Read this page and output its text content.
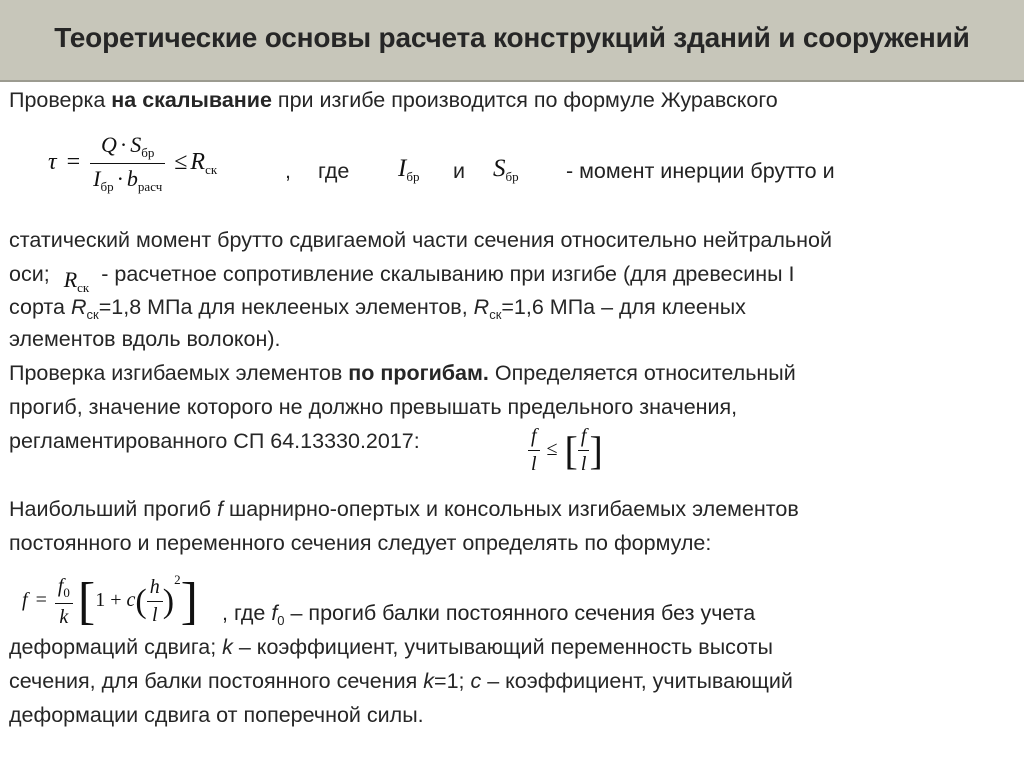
Теоретические основы расчета конструкций зданий и сооружений
Проверка на скалывание при изгибе производится по формуле Журавского
$\tau = \frac{Q \cdot S_{бр}}{I_{бр} \cdot b_{расч}} \le R_{ск}$	, где $I_{бр}$ и $S_{бр}$ - момент инерции брутто и
статический момент брутто сдвигаемой части сечения относительно нейтральной
оси; $R_{ск}-$ расчетное сопротивление скалыванию при изгибе (для древесины I
сорта $R_{ск}=1,8$ МПа для неклееных элементов, $R_{ск}=1,6$ МПа – для клееных
элементов вдоль волокон).
Проверка изгибаемых элементов по прогибам. Определяется относительный
прогиб, значение которого не должно превышать предельного значения,
регламентированного СП 64.13330.2017:	$\frac{f}{l}$ ≤ [ $\frac{f}{l}$ ]
Наибольший прогиб f шарнирно-опертых и консольных изгибаемых элементов
постоянного и переменного сечения следует определять по формуле:
$f = \frac{f_0}{k} [1 + c( \frac{h}{l} )^2]$ , где $f_0$ – прогиб балки постоянного сечения без учета
деформаций сдвига; k – коэффициент, учитывающий переменность высоты
сечения, для балки постоянного сечения k=1; c – коэффициент, учитывающий
деформации сдвига от поперечной силы.
